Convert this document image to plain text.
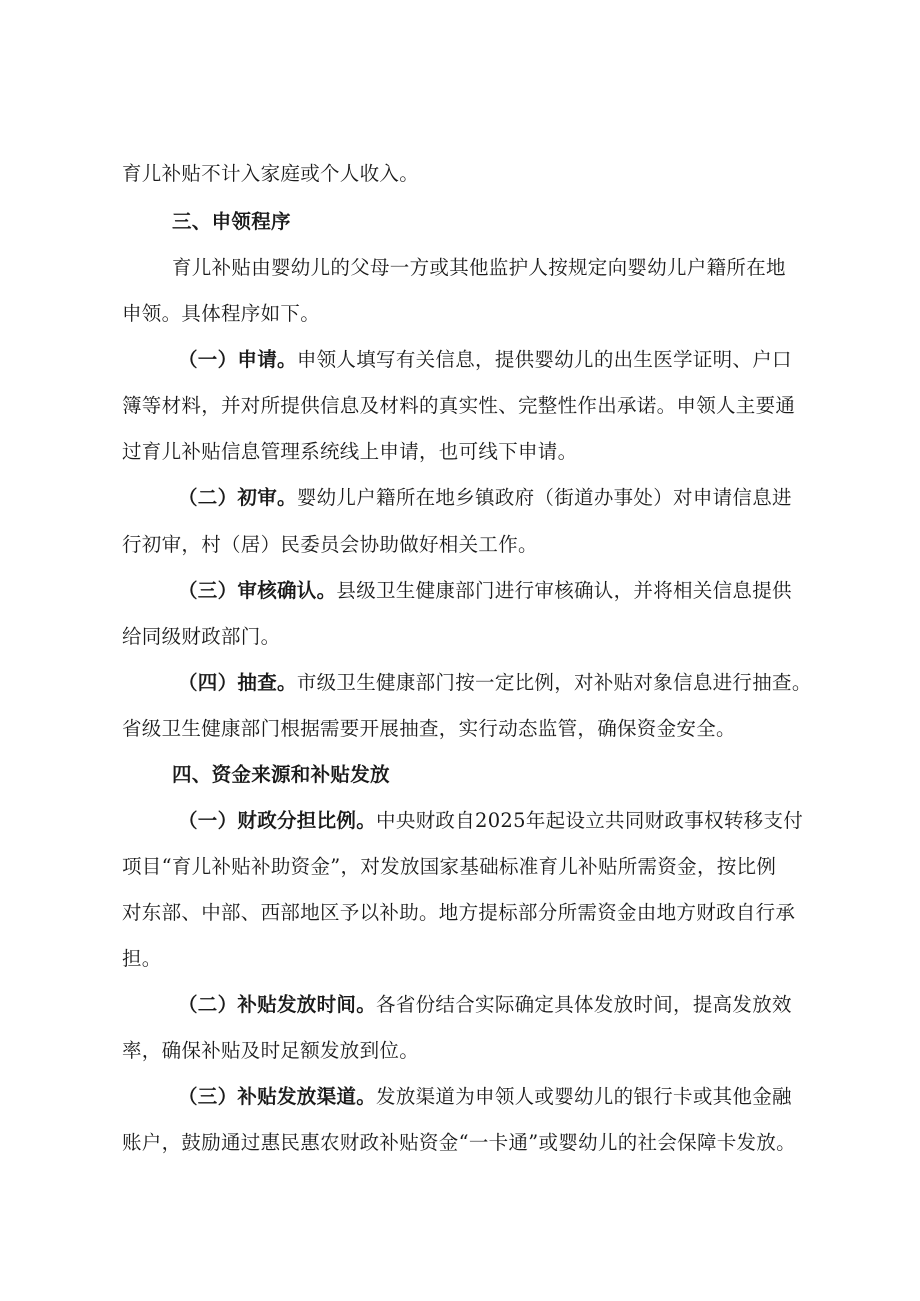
育儿补贴不计入家庭或个人收入。
三、申领程序
育儿补贴由婴幼儿的父母一方或其他监护人按规定向婴幼儿户籍所在地
申领。具体程序如下。
（一）申请。申领人填写有关信息，提供婴幼儿的出生医学证明、户口
簿等材料，并对所提供信息及材料的真实性、完整性作出承诺。申领人主要通
过育儿补贴信息管理系统线上申请，也可线下申请。
（二）初审。婴幼儿户籍所在地乡镇政府（街道办事处）对申请信息进
行初审，村（居）民委员会协助做好相关工作。
（三）审核确认。县级卫生健康部门进行审核确认，并将相关信息提供
给同级财政部门。
（四）抽查。市级卫生健康部门按一定比例，对补贴对象信息进行抽查。
省级卫生健康部门根据需要开展抽查，实行动态监管，确保资金安全。
四、资金来源和补贴发放
（一）财政分担比例。中央财政自2025年起设立共同财政事权转移支付
项目“育儿补贴补助资金”，对发放国家基础标准育儿补贴所需资金，按比例
对东部、中部、西部地区予以补助。地方提标部分所需资金由地方财政自行承
担。
（二）补贴发放时间。各省份结合实际确定具体发放时间，提高发放效
率，确保补贴及时足额发放到位。
（三）补贴发放渠道。发放渠道为申领人或婴幼儿的银行卡或其他金融
账户，鼓励通过惠民惠农财政补贴资金“一卡通”或婴幼儿的社会保障卡发放。
